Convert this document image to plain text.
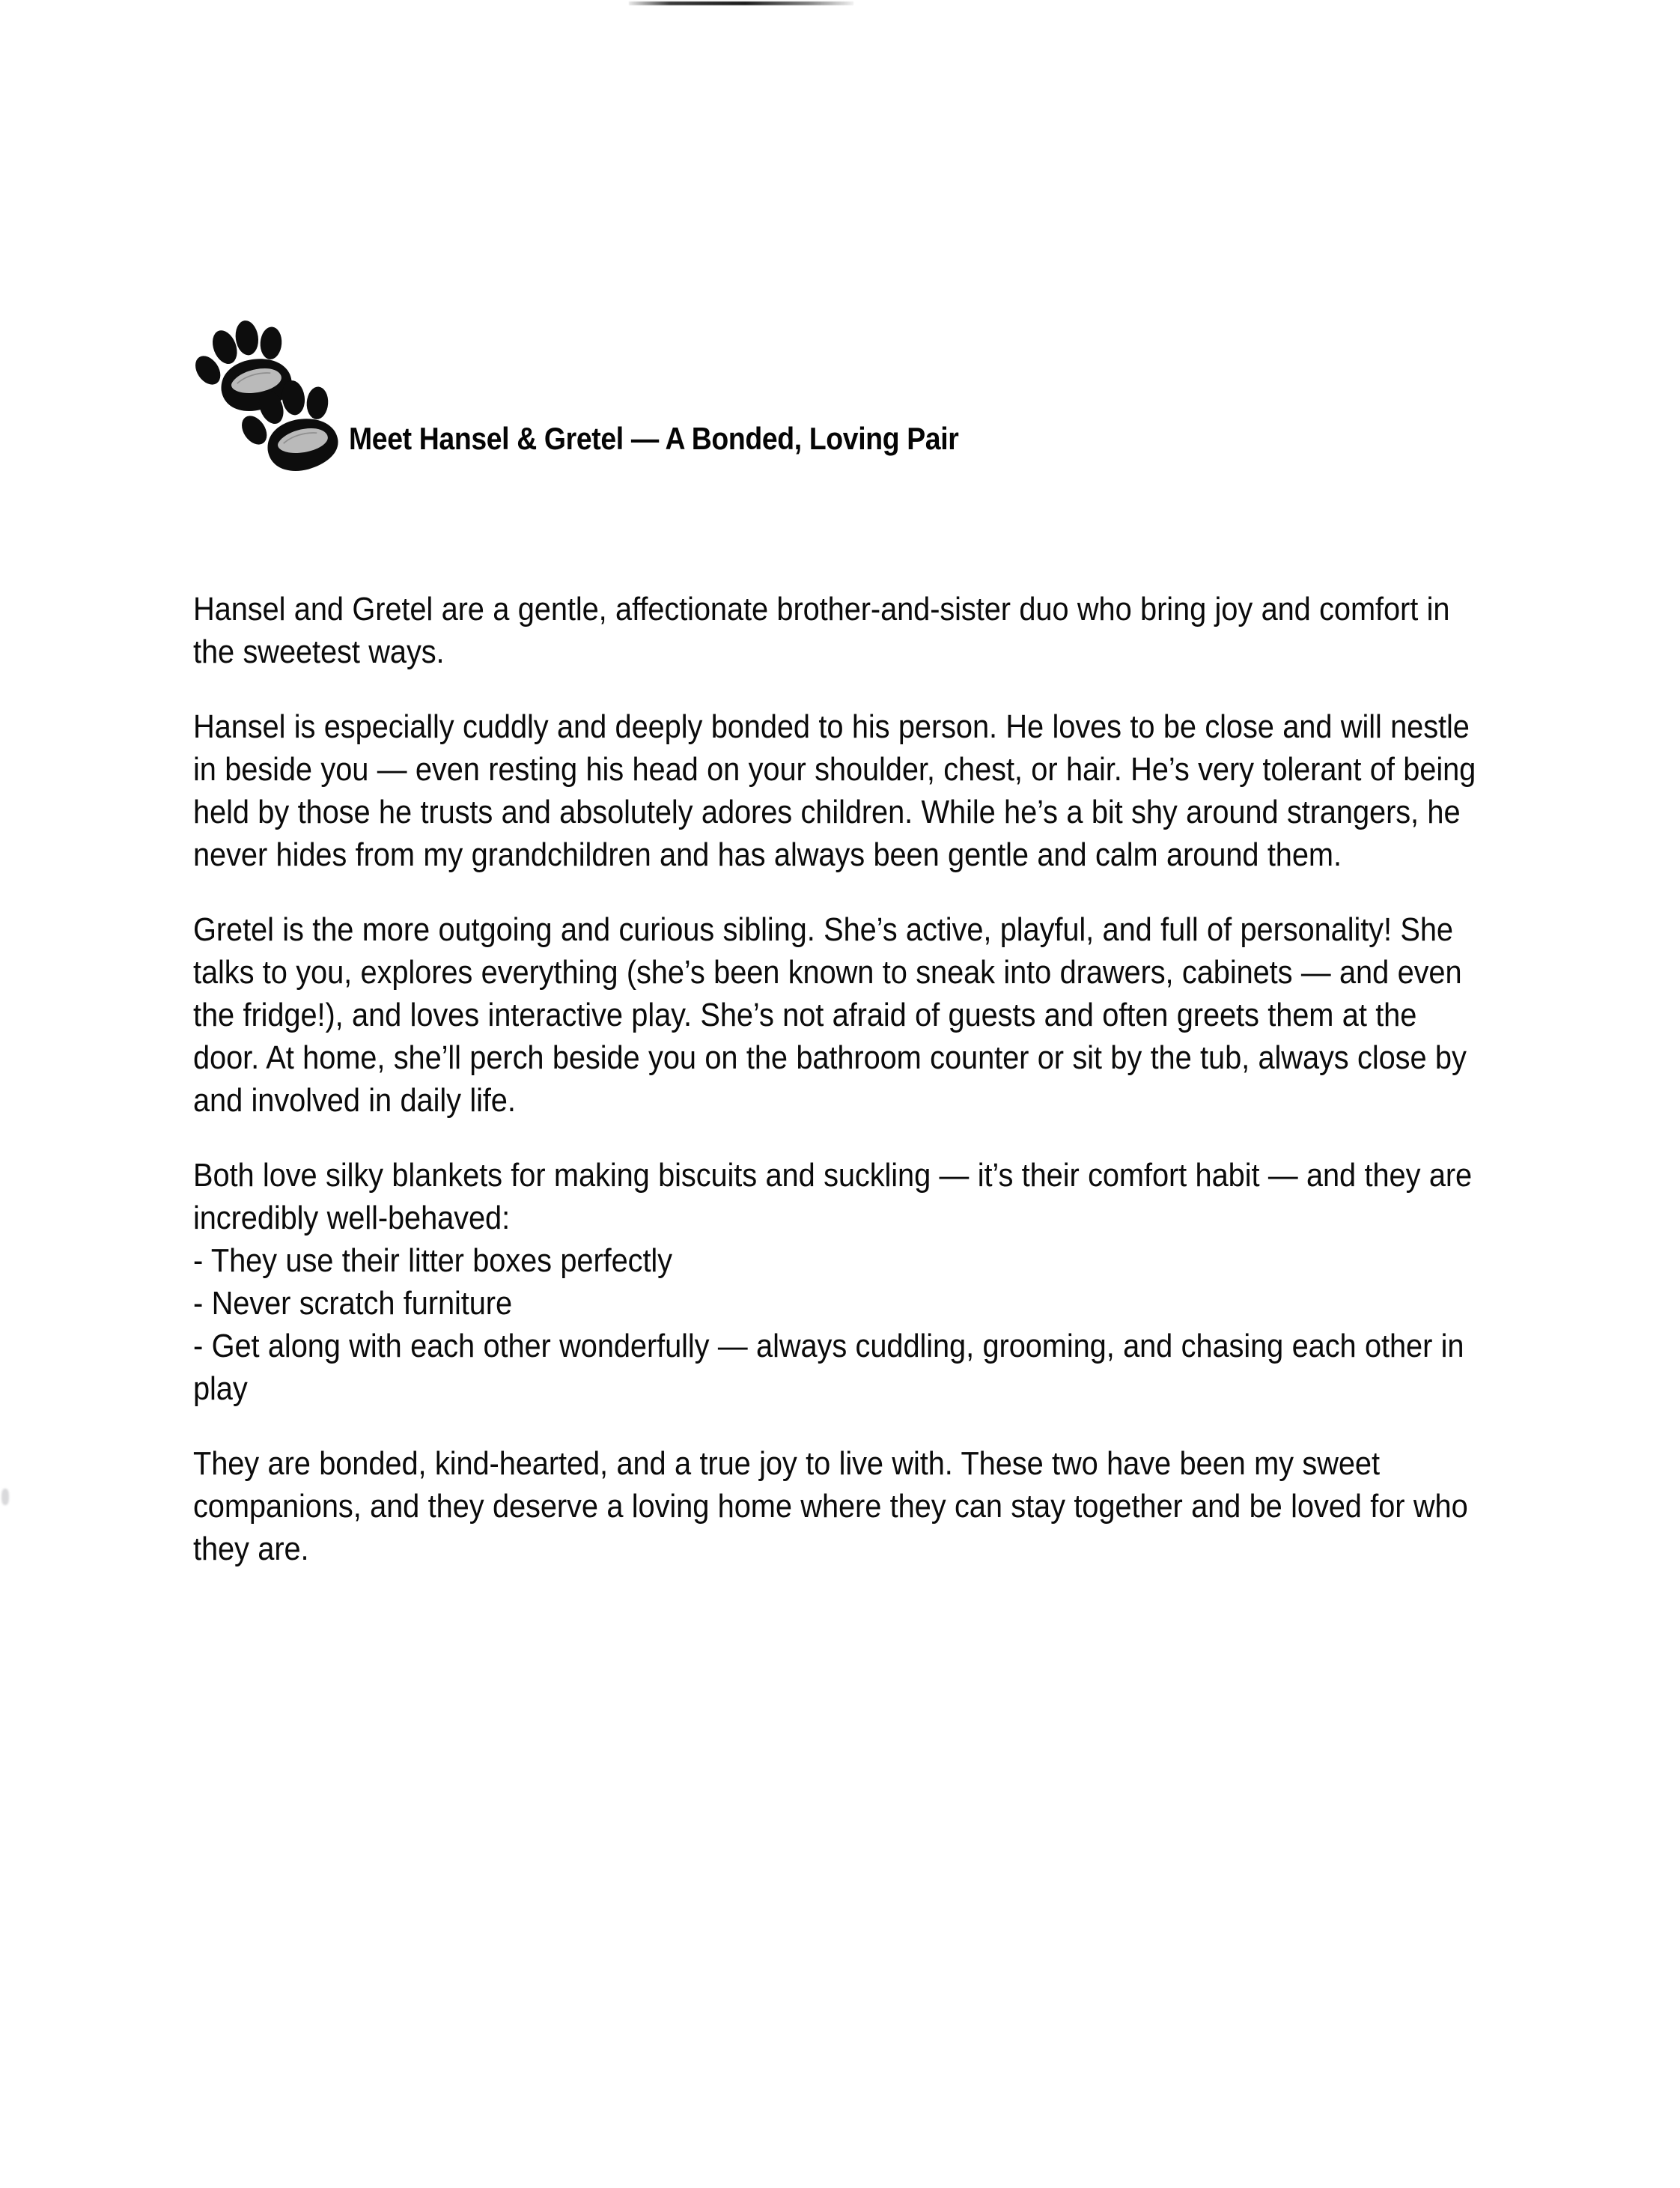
Meet Hansel & Gretel — A Bonded, Loving Pair

Hansel and Gretel are a gentle, affectionate brother-and-sister duo who bring joy and comfort in the sweetest ways.

Hansel is especially cuddly and deeply bonded to his person. He loves to be close and will nestle in beside you — even resting his head on your shoulder, chest, or hair. He’s very tolerant of being held by those he trusts and absolutely adores children. While he’s a bit shy around strangers, he never hides from my grandchildren and has always been gentle and calm around them.

Gretel is the more outgoing and curious sibling. She’s active, playful, and full of personality! She talks to you, explores everything (she’s been known to sneak into drawers, cabinets — and even the fridge!), and loves interactive play. She’s not afraid of guests and often greets them at the door. At home, she’ll perch beside you on the bathroom counter or sit by the tub, always close by and involved in daily life.

Both love silky blankets for making biscuits and suckling — it’s their comfort habit — and they are incredibly well-behaved:

- They use their litter boxes perfectly

- Never scratch furniture

- Get along with each other wonderfully — always cuddling, grooming, and chasing each other in play

They are bonded, kind-hearted, and a true joy to live with. These two have been my sweet companions, and they deserve a loving home where they can stay together and be loved for who they are.
